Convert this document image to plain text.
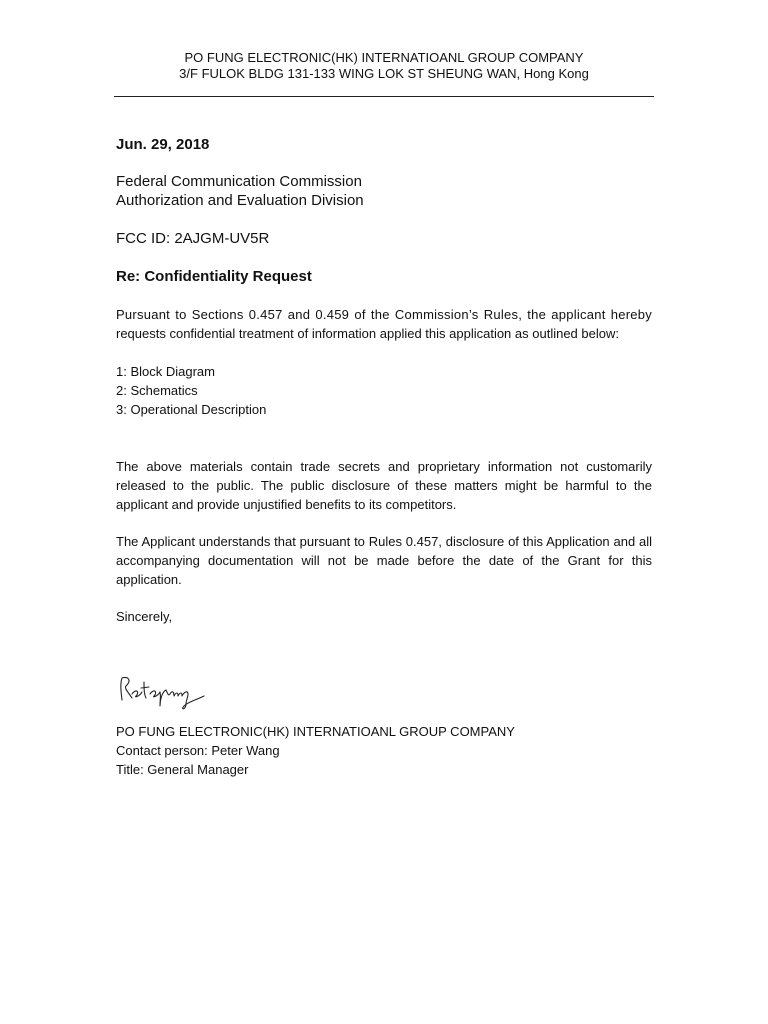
PO FUNG ELECTRONIC(HK) INTERNATIOANL GROUP COMPANY
3/F FULOK BLDG 131-133 WING LOK ST SHEUNG WAN, Hong Kong
Jun. 29, 2018
Federal Communication Commission
Authorization and Evaluation Division
FCC ID: 2AJGM-UV5R
Re: Confidentiality Request
Pursuant to Sections 0.457 and 0.459 of the Commission’s Rules, the applicant hereby
requests confidential treatment of information applied this application as outlined below:
1: Block Diagram
2: Schematics
3: Operational Description
The above materials contain trade secrets and proprietary information not customarily released to the public. The public disclosure of these matters might be harmful to the applicant and provide unjustified benefits to its competitors.
The Applicant understands that pursuant to Rules 0.457, disclosure of this Application and all accompanying documentation will not be made before the date of the Grant for this application.
Sincerely,
PO FUNG ELECTRONIC(HK) INTERNATIOANL GROUP COMPANY
Contact person: Peter Wang
Title: General Manager
